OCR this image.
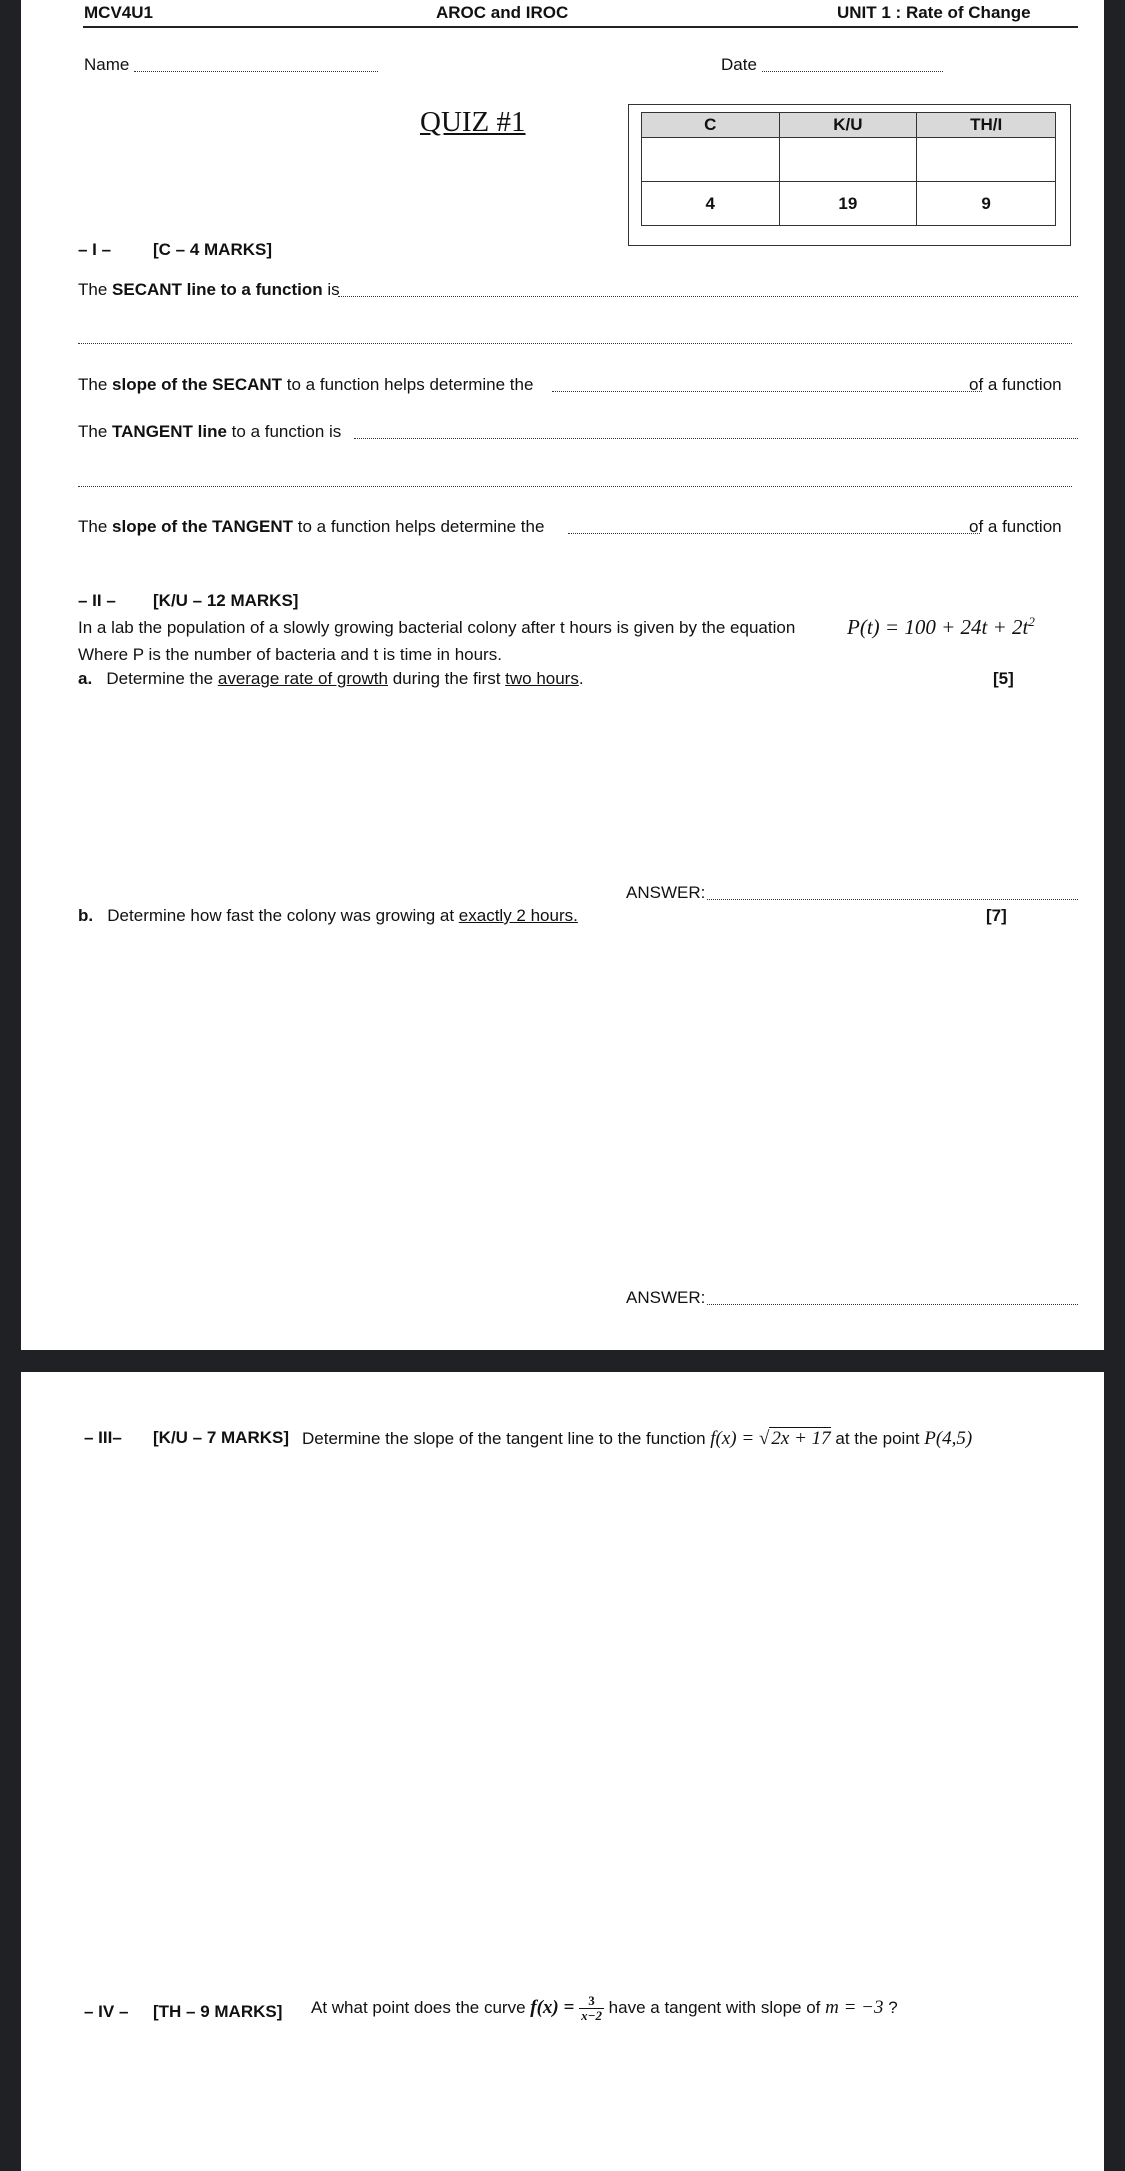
MCV4U1	AROC and IROC	UNIT 1 : Rate of Change
Name	Date
QUIZ #1	C	K/U	TH/I

4	19	9
– I – [C – 4 MARKS]
The SECANT line to a function is
The slope of the SECANT to a function helps determine the	of a function
The TANGENT line to a function is
The slope of the TANGENT to a function helps determine the	of a function
– II – [K/U – 12 MARKS]
In a lab the population of a slowly growing bacterial colony after t hours is given by the equation $P(t) = 100 + 24t + 2t^2$
Where P is the number of bacteria and t is time in hours.
a. Determine the average rate of growth during the first two hours.	[5]
ANSWER:
b. Determine how fast the colony was growing at exactly 2 hours.	[7]
ANSWER:
– III– [K/U – 7 MARKS] Determine the slope of the tangent line to the function f(x) = √ 2x + 17 at the point P(4,5)
– IV – [TH – 9 MARKS] At what point does the curve $f(x) = \frac{3}{x-2}$ have a tangent with slope of m = −3 ?
